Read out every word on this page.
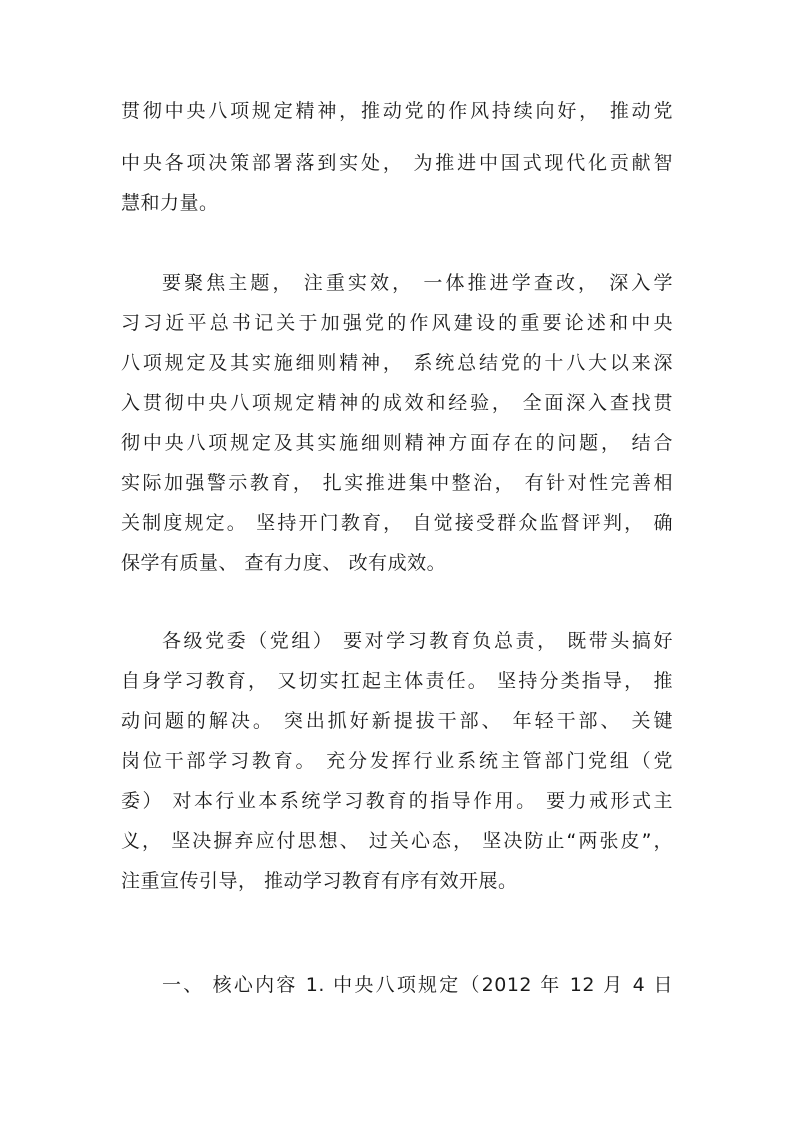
贯彻中央八项规定精神，推动党的作风持续向好， 推动党

中央各项决策部署落到实处， 为推进中国式现代化贡献智

慧和力量。

要聚焦主题， 注重实效， 一体推进学查改， 深入学

习习近平总书记关于加强党的作风建设的重要论述和中央

八项规定及其实施细则精神， 系统总结党的十八大以来深

入贯彻中央八项规定精神的成效和经验， 全面深入查找贯

彻中央八项规定及其实施细则精神方面存在的问题， 结合

实际加强警示教育， 扎实推进集中整治， 有针对性完善相

关制度规定。 坚持开门教育， 自觉接受群众监督评判， 确

保学有质量、 查有力度、 改有成效。

各级党委（党组） 要对学习教育负总责， 既带头搞好

自身学习教育， 又切实扛起主体责任。 坚持分类指导， 推

动问题的解决。 突出抓好新提拔干部、 年轻干部、 关键

岗位干部学习教育。 充分发挥行业系统主管部门党组（党

委） 对本行业本系统学习教育的指导作用。 要力戒形式主

义， 坚决摒弃应付思想、 过关心态， 坚决防止“两张皮”，

注重宣传引导， 推动学习教育有序有效开展。

一、 核心内容 1. 中央八项规定（2012 年 12 月 4 日
